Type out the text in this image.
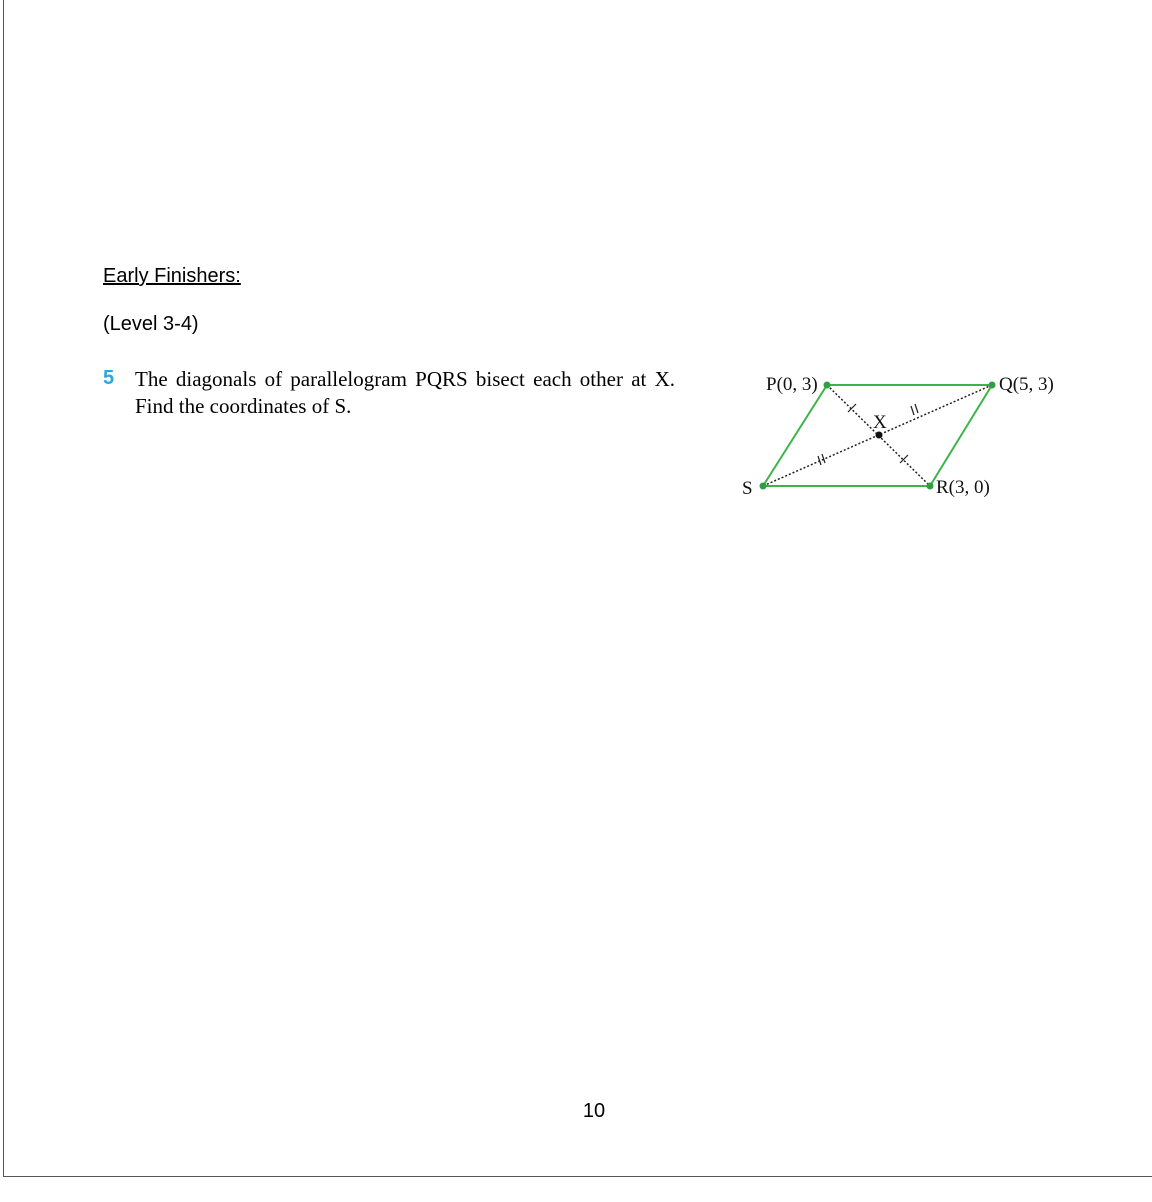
Early Finishers:
(Level 3-4)
5 The diagonals of parallelogram PQRS bisect each other at X. Find the coordinates of S.
P(0, 3)	Q(5, 3)
R(3, 0)
S
X
10
